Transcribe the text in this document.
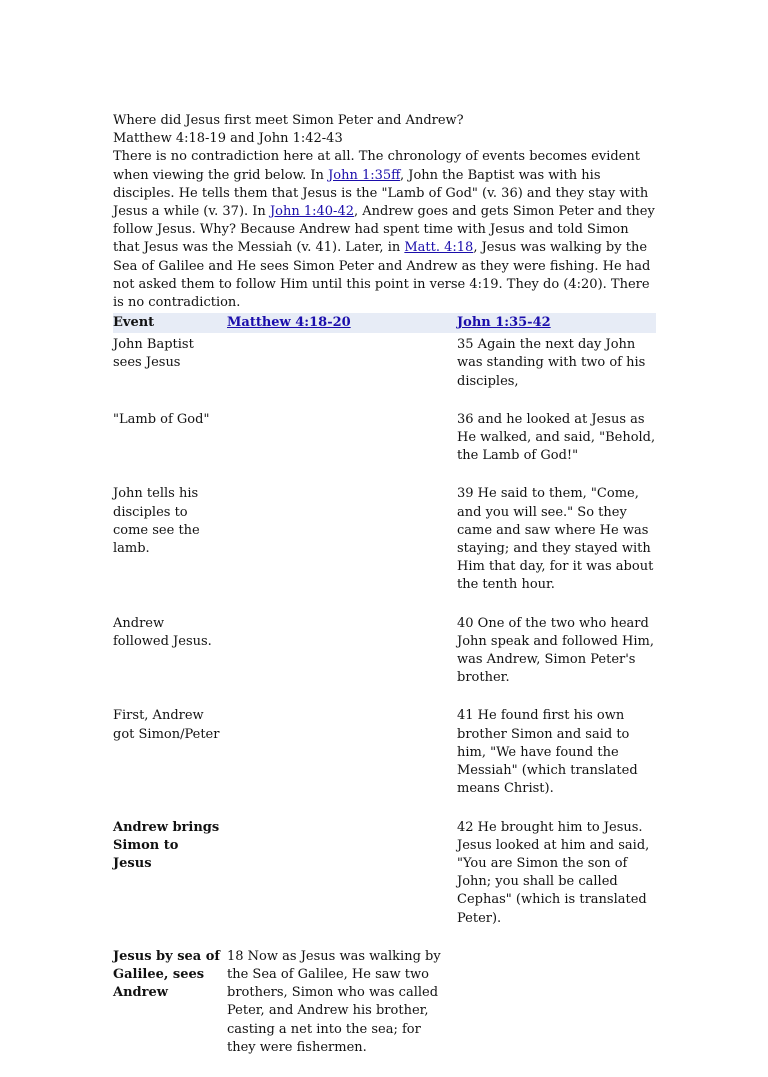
Where did Jesus first meet Simon Peter and Andrew?

Matthew 4:18-19 and John 1:42-43

There is no contradiction here at all. The chronology of events becomes evident when viewing the grid below. In John 1:35ff, John the Baptist was with his disciples. He tells them that Jesus is the "Lamb of God" (v. 36) and they stay with Jesus a while (v. 37). In John 1:40-42, Andrew goes and gets Simon Peter and they follow Jesus. Why? Because Andrew had spent time with Jesus and told Simon that Jesus was the Messiah (v. 41). Later, in Matt. 4:18, Jesus was walking by the Sea of Galilee and He sees Simon Peter and Andrew as they were fishing. He had not asked them to follow Him until this point in verse 4:19. They do (4:20). There is no contradiction.

Event	Matthew 4:18-20	John 1:35-42
John Baptist sees Jesus		35 Again the next day John was standing with two of his disciples,
"Lamb of God"		36 and he looked at Jesus as He walked, and said, "Behold, the Lamb of God!"
John tells his disciples to come see the lamb.		39 He said to them, "Come, and you will see." So they came and saw where He was staying; and they stayed with Him that day, for it was about the tenth hour.
Andrew followed Jesus.		40 One of the two who heard John speak and followed Him, was Andrew, Simon Peter's brother.
First, Andrew got Simon/Peter		41 He found first his own brother Simon and said to him, "We have found the Messiah" (which translated means Christ).
Andrew brings Simon to Jesus		42 He brought him to Jesus. Jesus looked at him and said, "You are Simon the son of John; you shall be called Cephas" (which is translated Peter).
Jesus by sea of Galilee, sees Andrew	18 Now as Jesus was walking by the Sea of Galilee, He saw two brothers, Simon who was called Peter, and Andrew his brother, casting a net into the sea; for they were fishermen.	
